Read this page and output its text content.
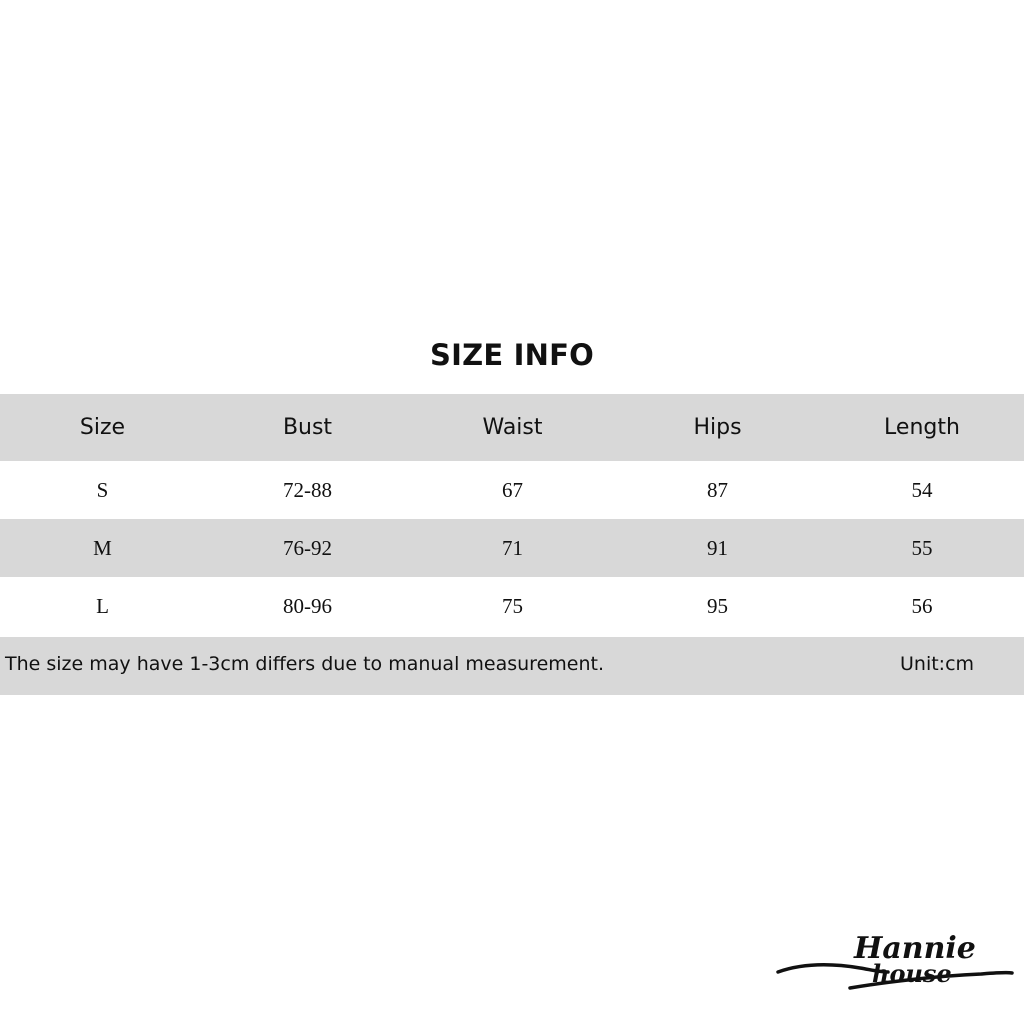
SIZE INFO
Size	Bust	Waist	Hips	Length
S	72-88	67	87	54
M	76-92	71	91	55
L	80-96	75	95	56
The size may have 1-3cm differs due to manual measurement.	Unit:cm
Hannie
house
